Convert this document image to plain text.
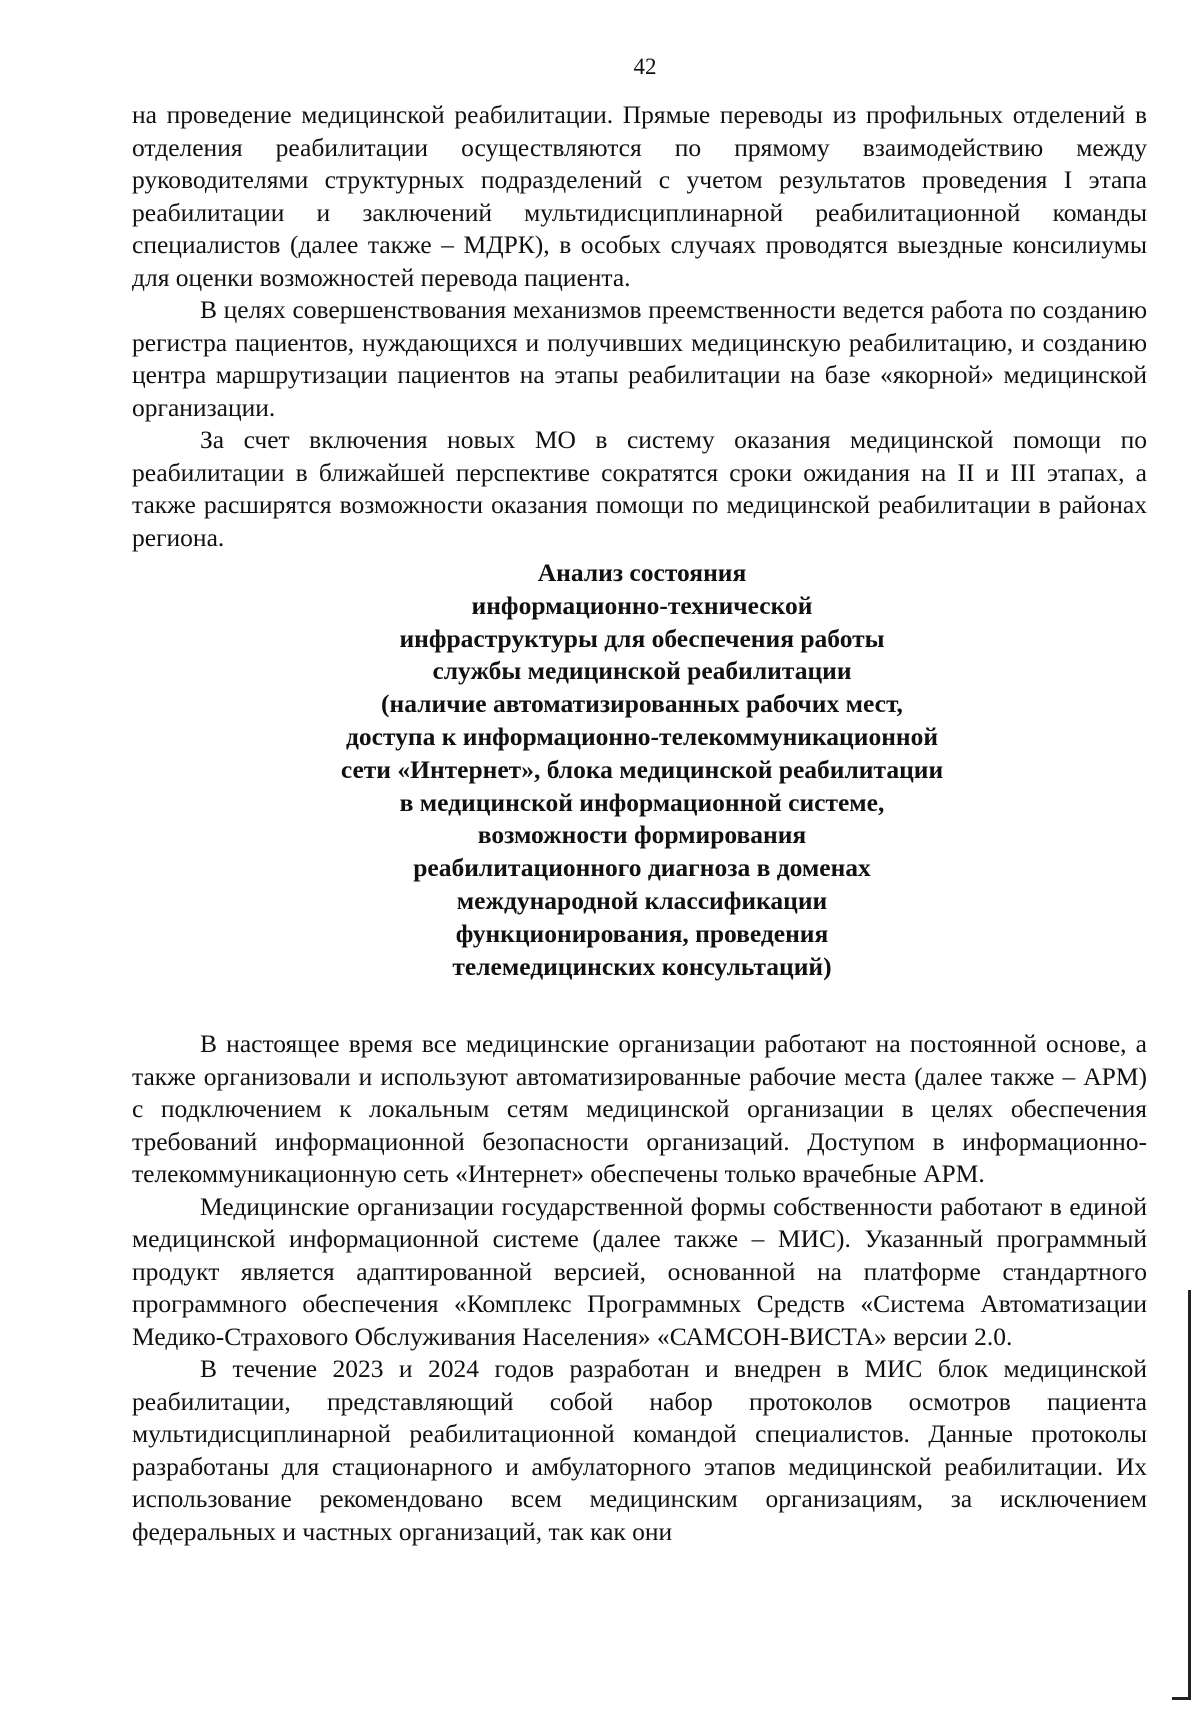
42

на проведение медицинской реабилитации. Прямые переводы из профильных отделений в отделения реабилитации осуществляются по прямому взаимодействию между руководителями структурных подразделений с учетом результатов проведения I этапа реабилитации и заключений мультидисциплинарной реабилитационной команды специалистов (далее также – МДРК), в особых случаях проводятся выездные консилиумы для оценки возможностей перевода пациента.

В целях совершенствования механизмов преемственности ведется работа по созданию регистра пациентов, нуждающихся и получивших медицинскую реабилитацию, и созданию центра маршрутизации пациентов на этапы реабилитации на базе «якорной» медицинской организации.

За счет включения новых МО в систему оказания медицинской помощи по реабилитации в ближайшей перспективе сократятся сроки ожидания на II и III этапах, а также расширятся возможности оказания помощи по медицинской реабилитации в районах региона.

Анализ состояния
информационно-технической
инфраструктуры для обеспечения работы
службы медицинской реабилитации
(наличие автоматизированных рабочих мест,
доступа к информационно-телекоммуникационной
сети «Интернет», блока медицинской реабилитации
в медицинской информационной системе,
возможности формирования
реабилитационного диагноза в доменах
международной классификации
функционирования, проведения
телемедицинских консультаций)

В настоящее время все медицинские организации работают на постоянной основе, а также организовали и используют автоматизированные рабочие места (далее также – АРМ) с подключением к локальным сетям медицинской организации в целях обеспечения требований информационной безопасности организаций. Доступом в информационно-телекоммуникационную сеть «Интернет» обеспечены только врачебные АРМ.

Медицинские организации государственной формы собственности работают в единой медицинской информационной системе (далее также – МИС). Указанный программный продукт является адаптированной версией, основанной на платформе стандартного программного обеспечения «Комплекс Программных Средств «Система Автоматизации Медико-Страхового Обслуживания Населения» «САМСОН-ВИСТА» версии 2.0.

В течение 2023 и 2024 годов разработан и внедрен в МИС блок медицинской реабилитации, представляющий собой набор протоколов осмотров пациента мультидисциплинарной реабилитационной командой специалистов. Данные протоколы разработаны для стационарного и амбулаторного этапов медицинской реабилитации. Их использование рекомендовано всем медицинским организациям, за исключением федеральных и частных организаций, так как они
